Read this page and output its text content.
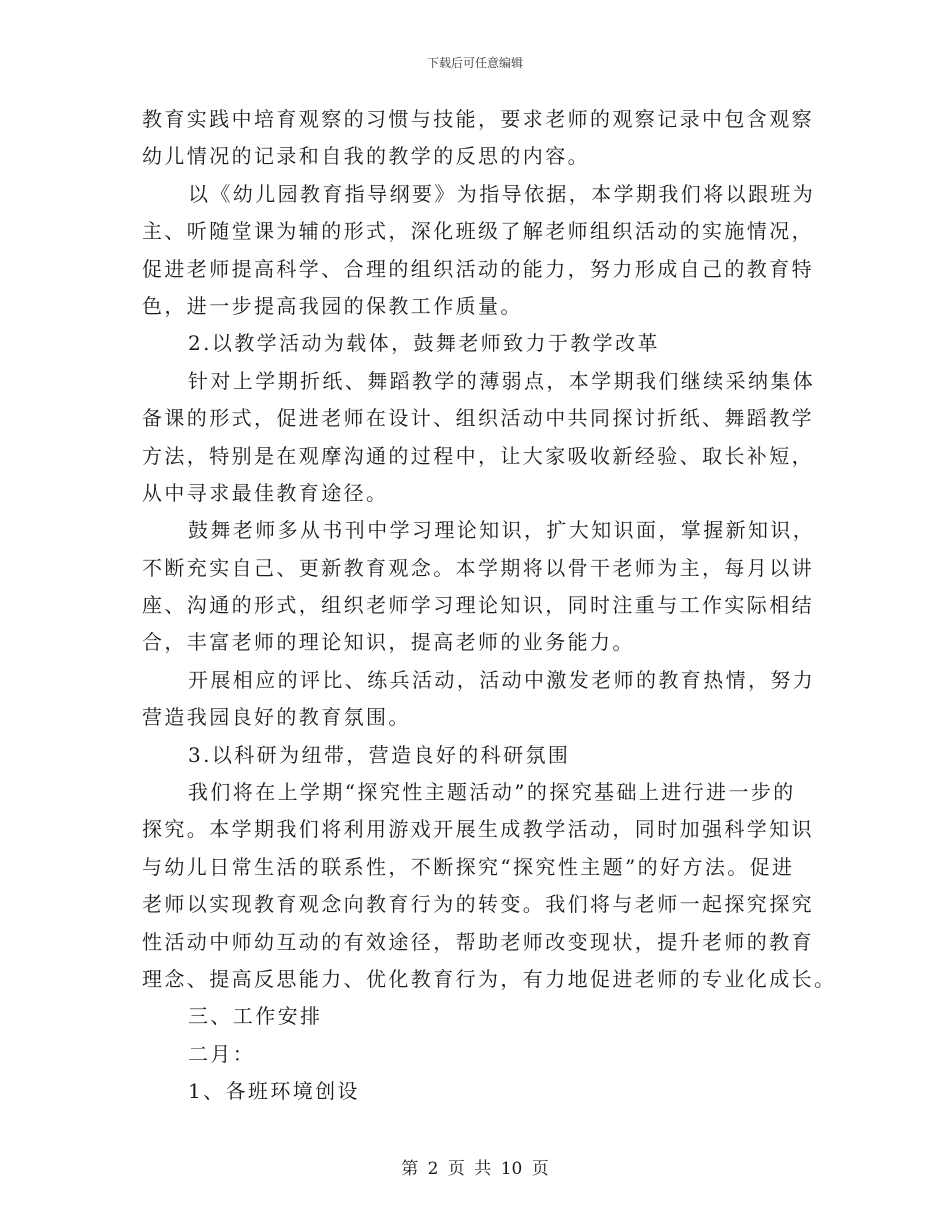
下载后可任意编辑
教育实践中培育观察的习惯与技能，要求老师的观察记录中包含观察
幼儿情况的记录和自我的教学的反思的内容。
以《幼儿园教育指导纲要》为指导依据，本学期我们将以跟班为
主、听随堂课为辅的形式，深化班级了解老师组织活动的实施情况，
促进老师提高科学、合理的组织活动的能力，努力形成自己的教育特
色，进一步提高我园的保教工作质量。
2.以教学活动为载体，鼓舞老师致力于教学改革
针对上学期折纸、舞蹈教学的薄弱点，本学期我们继续采纳集体
备课的形式，促进老师在设计、组织活动中共同探讨折纸、舞蹈教学
方法，特别是在观摩沟通的过程中，让大家吸收新经验、取长补短，
从中寻求最佳教育途径。
鼓舞老师多从书刊中学习理论知识，扩大知识面，掌握新知识，
不断充实自己、更新教育观念。本学期将以骨干老师为主，每月以讲
座、沟通的形式，组织老师学习理论知识，同时注重与工作实际相结
合，丰富老师的理论知识，提高老师的业务能力。
开展相应的评比、练兵活动，活动中激发老师的教育热情，努力
营造我园良好的教育氛围。
3.以科研为纽带，营造良好的科研氛围
我们将在上学期“探究性主题活动”的探究基础上进行进一步的
探究。本学期我们将利用游戏开展生成教学活动，同时加强科学知识
与幼儿日常生活的联系性，不断探究“探究性主题”的好方法。促进
老师以实现教育观念向教育行为的转变。我们将与老师一起探究探究
性活动中师幼互动的有效途径，帮助老师改变现状，提升老师的教育
理念、提高反思能力、优化教育行为，有力地促进老师的专业化成长。
三、工作安排
二月：
1、各班环境创设
第 2 页 共 10 页
